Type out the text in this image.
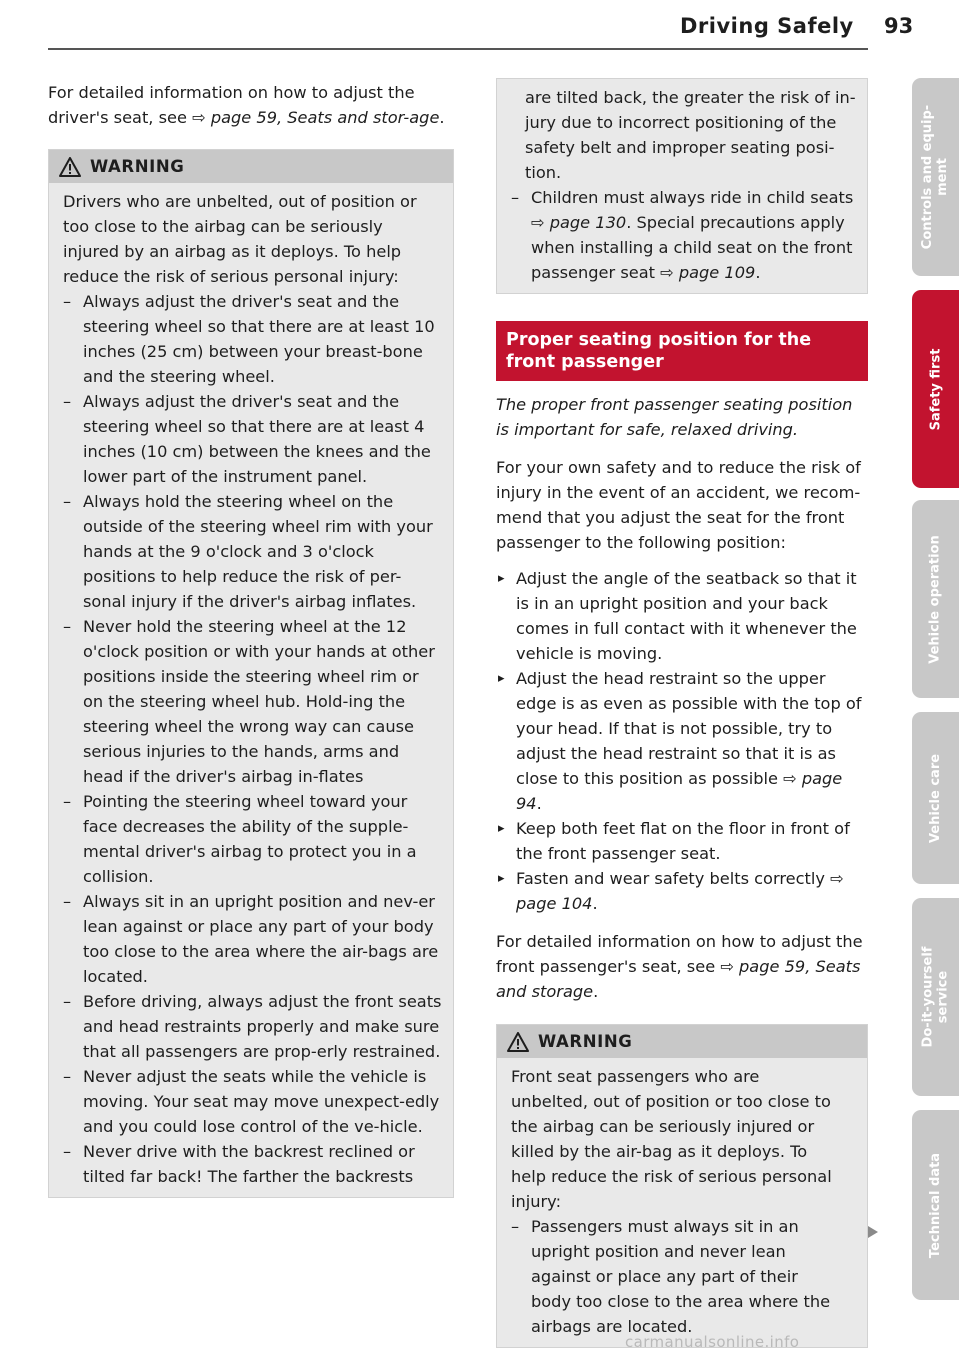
Driving Safely 93

For detailed information on how to adjust the driver's seat, see ⇨ page 59, Seats and stor-age.

WARNING

Drivers who are unbelted, out of position or too close to the airbag can be seriously injured by an airbag as it deploys. To help reduce the risk of serious personal injury:

– Always adjust the driver's seat and the steering wheel so that there are at least 10 inches (25 cm) between your breast-bone and the steering wheel.

– Always adjust the driver's seat and the steering wheel so that there are at least 4 inches (10 cm) between the knees and the lower part of the instrument panel.

– Always hold the steering wheel on the outside of the steering wheel rim with your hands at the 9 o'clock and 3 o'clock positions to help reduce the risk of per-sonal injury if the driver's airbag inflates.

– Never hold the steering wheel at the 12 o'clock position or with your hands at other positions inside the steering wheel rim or on the steering wheel hub. Hold-ing the steering wheel the wrong way can cause serious injuries to the hands, arms and head if the driver's airbag in-flates

– Pointing the steering wheel toward your face decreases the ability of the supple-mental driver's airbag to protect you in a collision.

– Always sit in an upright position and nev-er lean against or place any part of your body too close to the area where the air-bags are located.

– Before driving, always adjust the front seats and head restraints properly and make sure that all passengers are prop-erly restrained.

– Never adjust the seats while the vehicle is moving. Your seat may move unexpect-edly and you could lose control of the ve-hicle.

– Never drive with the backrest reclined or tilted far back! The farther the backrests

are tilted back, the greater the risk of in-jury due to incorrect positioning of the safety belt and improper seating posi-tion.

– Children must always ride in child seats ⇨ page 130. Special precautions apply when installing a child seat on the front passenger seat ⇨ page 109.

Proper seating position for the front passenger

The proper front passenger seating position is important for safe, relaxed driving.

For your own safety and to reduce the risk of injury in the event of an accident, we recom-mend that you adjust the seat for the front passenger to the following position:

▸ Adjust the angle of the seatback so that it is in an upright position and your back comes in full contact with it whenever the vehicle is moving.

▸ Adjust the head restraint so the upper edge is as even as possible with the top of your head. If that is not possible, try to adjust the head restraint so that it is as close to this position as possible ⇨ page 94.

▸ Keep both feet flat on the floor in front of the front passenger seat.

▸ Fasten and wear safety belts correctly ⇨ page 104.

For detailed information on how to adjust the front passenger's seat, see ⇨ page 59, Seats and storage.

WARNING

Front seat passengers who are unbelted, out of position or too close to the airbag can be seriously injured or killed by the air-bag as it deploys. To help reduce the risk of serious personal injury:

– Passengers must always sit in an upright position and never lean against or place any part of their body too close to the area where the airbags are located.

Controls and equip-
ment
Safety first
Vehicle operation
Vehicle care
Do-it-yourself
service
Technical data
carmanualsonline.info
